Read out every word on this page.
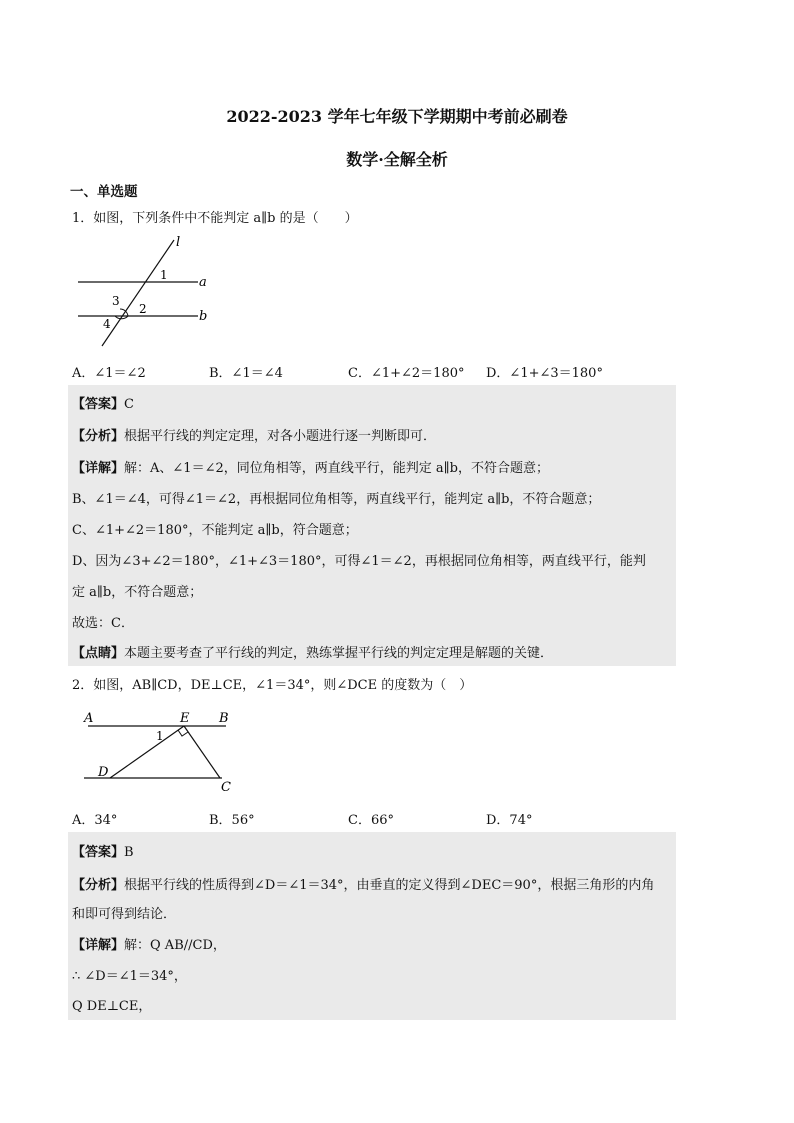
2022-2023 学年七年级下学期期中考前必刷卷
数学·全解全析
一、单选题
1．如图，下列条件中不能判定 a∥b 的是（　　）
l
a
b
1
2
3
4
A．∠1＝∠2	B．∠1＝∠4	C．∠1+∠2＝180° D．∠1+∠3＝180°
【答案】C
【分析】根据平行线的判定定理，对各小题进行逐一判断即可．
【详解】解：A、∠1＝∠2，同位角相等，两直线平行，能判定 a∥b，不符合题意；
B、∠1＝∠4，可得∠1＝∠2，再根据同位角相等，两直线平行，能判定 a∥b，不符合题意；
C、∠1+∠2＝180°，不能判定 a∥b，符合题意；
D、因为∠3+∠2＝180°，∠1+∠3＝180°，可得∠1＝∠2，再根据同位角相等，两直线平行，能判
定 a∥b，不符合题意；
故选：C．
【点睛】本题主要考查了平行线的判定，熟练掌握平行线的判定定理是解题的关键．
2．如图，AB∥CD，DE⊥CE，∠1＝34°，则∠DCE 的度数为（　）
A	B
E
D
C
1
A．34°	B．56°	C．66°	D．74°
【答案】B
【分析】根据平行线的性质得到∠D＝∠1＝34°，由垂直的定义得到∠DEC＝90°，根据三角形的内角
和即可得到结论．
【详解】解：Q AB//CD，
∴ ∠D＝∠1＝34°，
Q DE⊥CE，
